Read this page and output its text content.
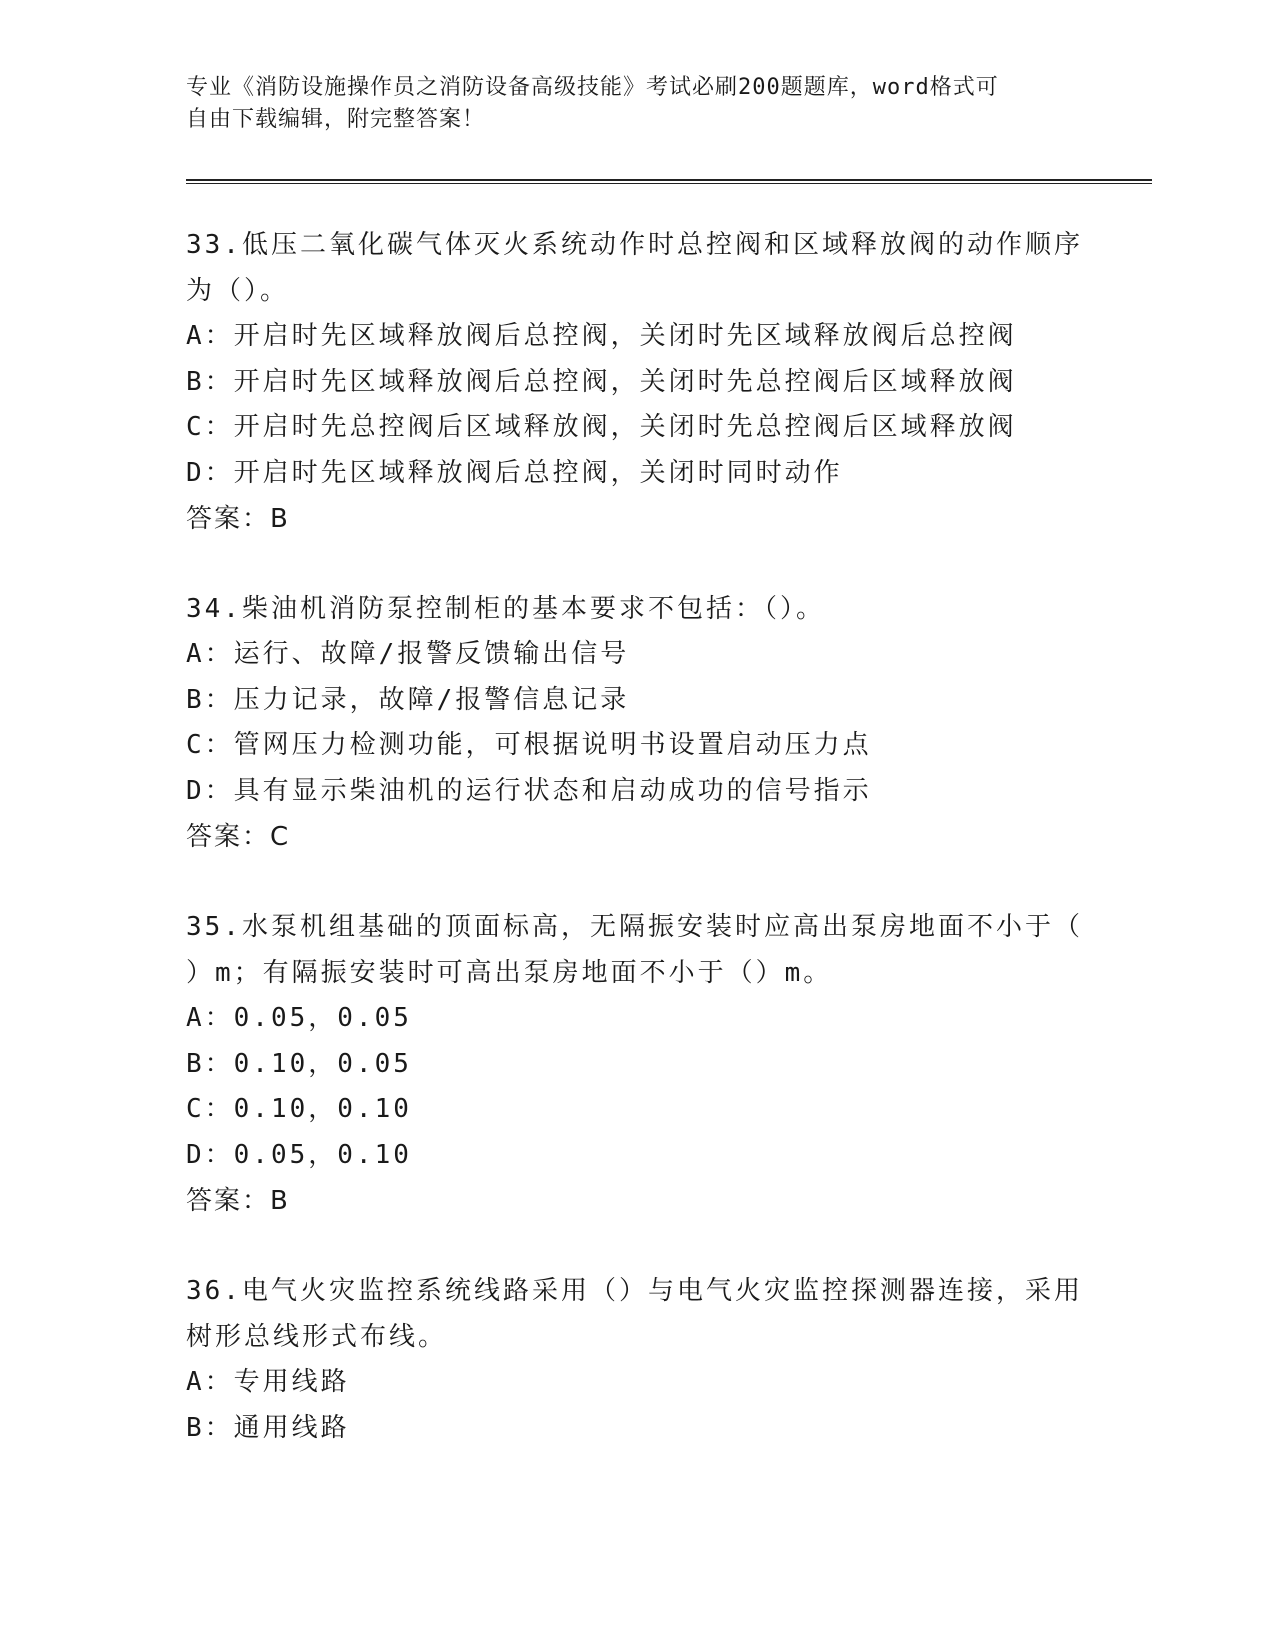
专业《消防设施操作员之消防设备高级技能》考试必刷200题题库，word格式可
自由下载编辑，附完整答案！

33.低压二氧化碳气体灭火系统动作时总控阀和区域释放阀的动作顺序

为（）。

A：开启时先区域释放阀后总控阀，关闭时先区域释放阀后总控阀

B：开启时先区域释放阀后总控阀，关闭时先总控阀后区域释放阀

C：开启时先总控阀后区域释放阀，关闭时先总控阀后区域释放阀

D：开启时先区域释放阀后总控阀，关闭时同时动作

答案：B

34.柴油机消防泵控制柜的基本要求不包括：（）。

A：运行、故障/报警反馈输出信号

B：压力记录，故障/报警信息记录

C：管网压力检测功能，可根据说明书设置启动压力点

D：具有显示柴油机的运行状态和启动成功的信号指示

答案：C

35.水泵机组基础的顶面标高，无隔振安装时应高出泵房地面不小于（

）m；有隔振安装时可高出泵房地面不小于（）m。

A：0.05，0.05

B：0.10，0.05

C：0.10，0.10

D：0.05，0.10

答案：B

36.电气火灾监控系统线路采用（）与电气火灾监控探测器连接，采用

树形总线形式布线。

A：专用线路

B：通用线路
